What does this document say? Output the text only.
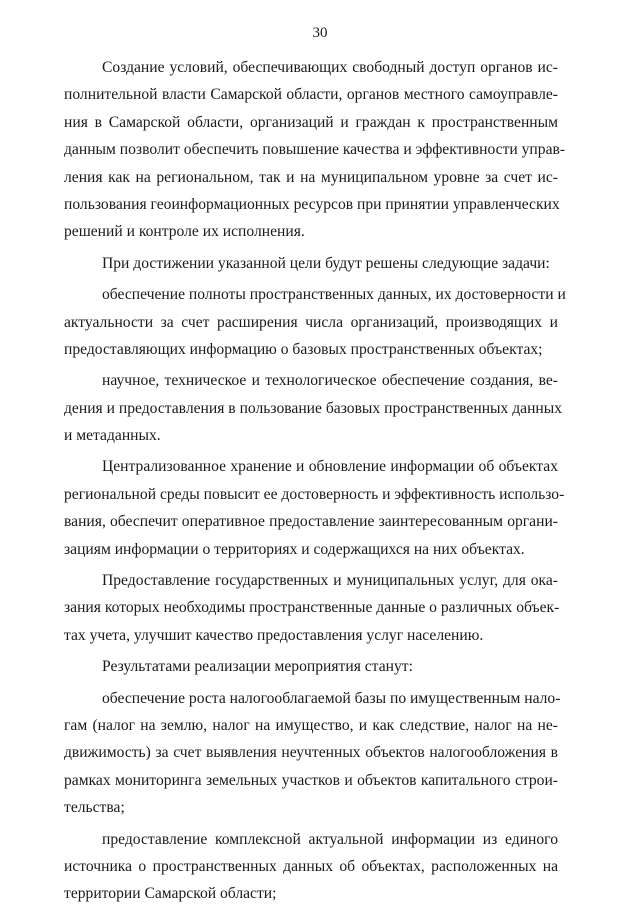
30
Создание условий, обеспечивающих свободный доступ органов ис-
полнительной власти Самарской области, органов местного самоуправле-
ния в Самарской области, организаций и граждан к пространственным
данным позволит обеспечить повышение качества и эффективности управ-
ления как на региональном, так и на муниципальном уровне за счет ис-
пользования геоинформационных ресурсов при принятии управленческих
решений и контроле их исполнения.
При достижении указанной цели будут решены следующие задачи:
обеспечение полноты пространственных данных, их достоверности и
актуальности за счет расширения числа организаций, производящих и
предоставляющих информацию о базовых пространственных объектах;
научное, техническое и технологическое обеспечение создания, ве-
дения и предоставления в пользование базовых пространственных данных
и метаданных.
Централизованное хранение и обновление информации об объектах
региональной среды повысит ее достоверность и эффективность использо-
вания, обеспечит оперативное предоставление заинтересованным органи-
зациям информации о территориях и содержащихся на них объектах.
Предоставление государственных и муниципальных услуг, для ока-
зания которых необходимы пространственные данные о различных объек-
тах учета, улучшит качество предоставления услуг населению.
Результатами реализации мероприятия станут:
обеспечение роста налогооблагаемой базы по имущественным нало-
гам (налог на землю, налог на имущество, и как следствие, налог на не-
движимость) за счет выявления неучтенных объектов налогообложения в
рамках мониторинга земельных участков и объектов капитального строи-
тельства;
предоставление комплексной актуальной информации из единого
источника о пространственных данных об объектах, расположенных на
территории Самарской области;
